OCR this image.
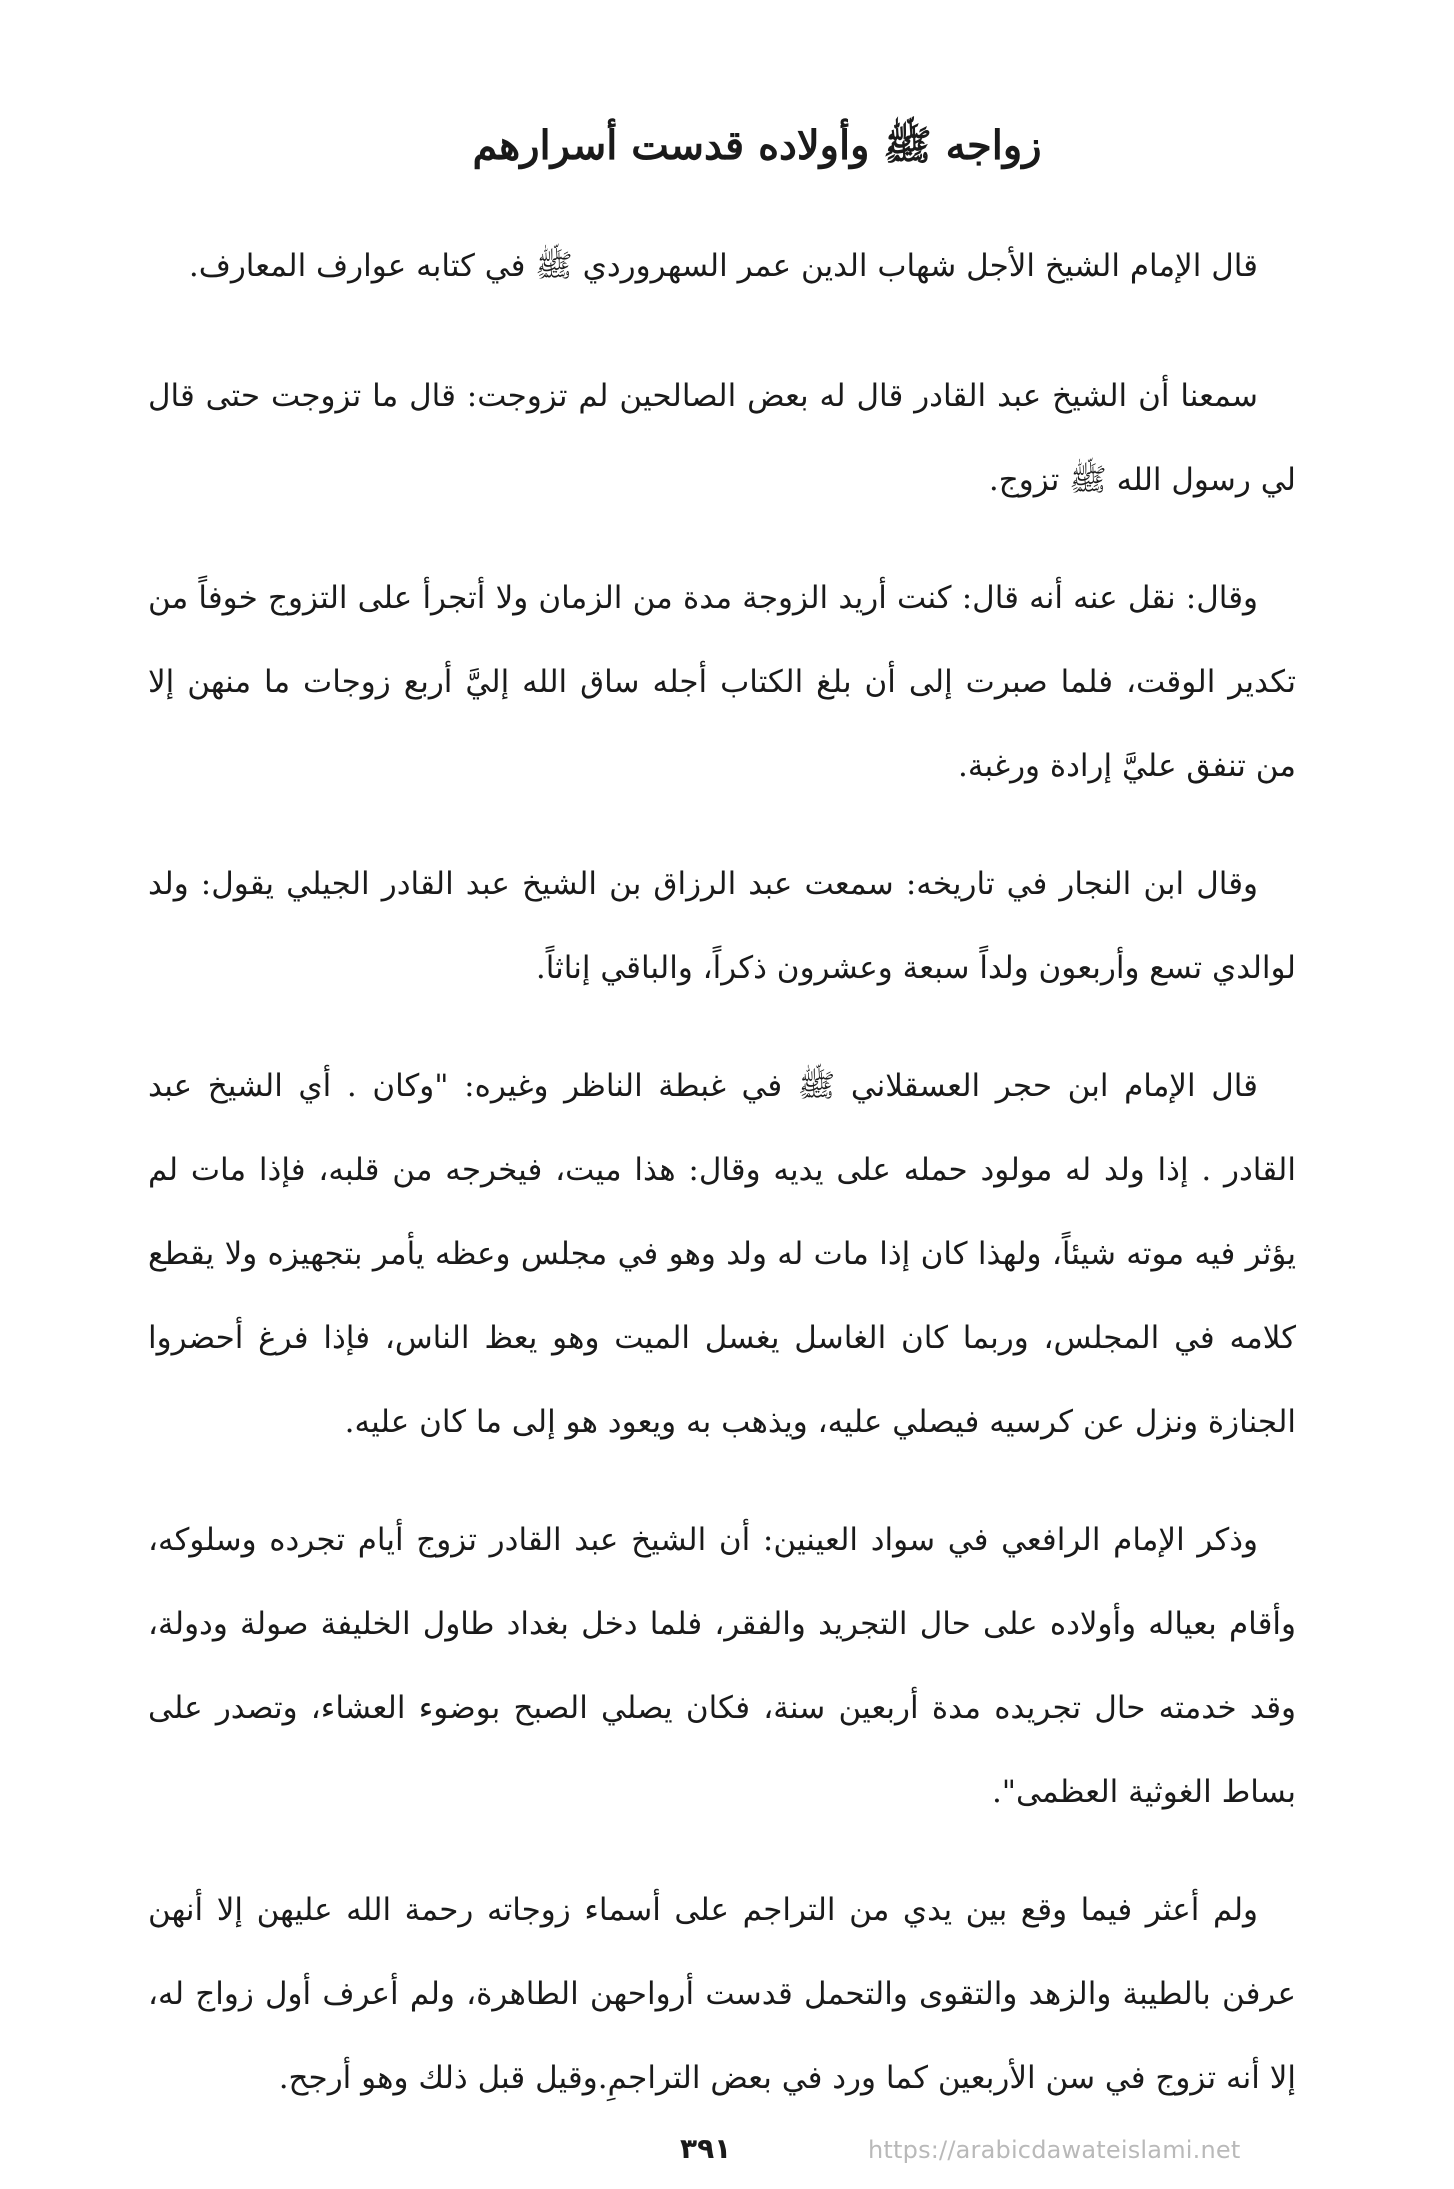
زواجه ﷺ وأولاده قدست أسرارهم

قال الإمام الشيخ الأجل شهاب الدين عمر السهروردي ﷺ في كتابه عوارف المعارف.

سمعنا أن الشيخ عبد القادر قال له بعض الصالحين لم تزوجت: قال ما تزوجت حتى قال لي رسول الله ﷺ تزوج.

وقال: نقل عنه أنه قال: كنت أريد الزوجة مدة من الزمان ولا أتجرأ على التزوج خوفاً من تكدير الوقت، فلما صبرت إلى أن بلغ الكتاب أجله ساق الله إليَّ أربع زوجات ما منهن إلا من تنفق عليَّ إرادة ورغبة.

وقال ابن النجار في تاريخه: سمعت عبد الرزاق بن الشيخ عبد القادر الجيلي يقول: ولد لوالدي تسع وأربعون ولداً سبعة وعشرون ذكراً، والباقي إناثاً.

قال الإمام ابن حجر العسقلاني ﷺ في غبطة الناظر وغيره: "وكان . أي الشيخ عبد القادر . إذا ولد له مولود حمله على يديه وقال: هذا ميت، فيخرجه من قلبه، فإذا مات لم يؤثر فيه موته شيئاً، ولهذا كان إذا مات له ولد وهو في مجلس وعظه يأمر بتجهيزه ولا يقطع كلامه في المجلس، وربما كان الغاسل يغسل الميت وهو يعظ الناس، فإذا فرغ أحضروا الجنازة ونزل عن كرسيه فيصلي عليه، ويذهب به ويعود هو إلى ما كان عليه.

وذكر الإمام الرافعي في سواد العينين: أن الشيخ عبد القادر تزوج أيام تجرده وسلوكه، وأقام بعياله وأولاده على حال التجريد والفقر، فلما دخل بغداد طاول الخليفة صولة ودولة، وقد خدمته حال تجريده مدة أربعين سنة، فكان يصلي الصبح بوضوء العشاء، وتصدر على بساط الغوثية العظمى".

ولم أعثر فيما وقع بين يدي من التراجم على أسماء زوجاته رحمة الله عليهن إلا أنهن عرفن بالطيبة والزهد والتقوى والتحمل قدست أرواحهن الطاهرة، ولم أعرف أول زواج له، إلا أنه تزوج في سن الأربعين كما ورد في بعض التراجمِ.وقيل قبل ذلك وهو أرجح.

٣٩١	https://arabicdawateislami.net
